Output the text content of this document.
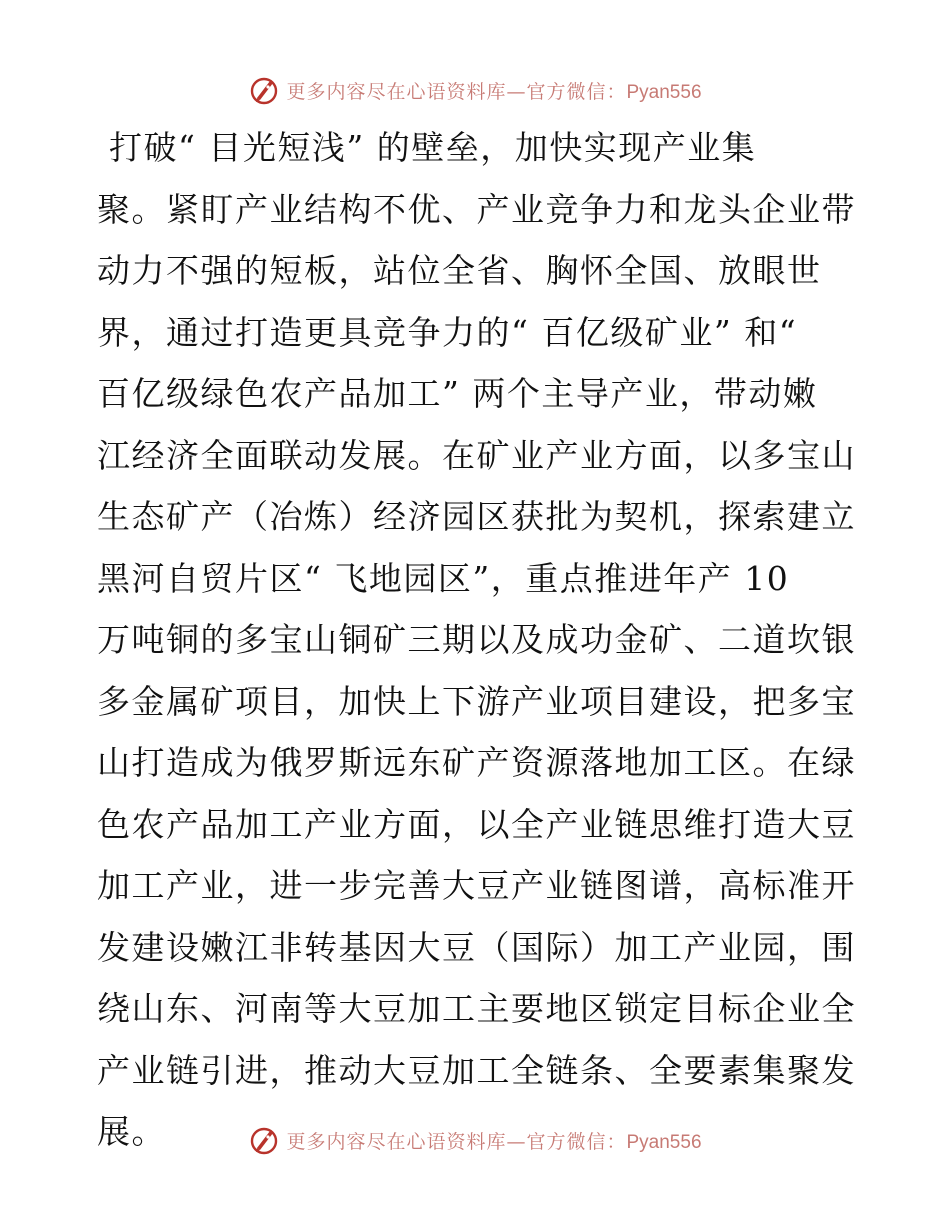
更多内容尽在心语资料库—官方微信：Pyan556
打破“ 目光短浅” 的壁垒，加快实现产业集
聚。紧盯产业结构不优、产业竞争力和龙头企业带
动力不强的短板，站位全省、胸怀全国、放眼世
界，通过打造更具竞争力的“ 百亿级矿业” 和“
百亿级绿色农产品加工” 两个主导产业，带动嫩
江经济全面联动发展。在矿业产业方面，以多宝山
生态矿产（冶炼）经济园区获批为契机，探索建立
黑河自贸片区“ 飞地园区”，重点推进年产 10
万吨铜的多宝山铜矿三期以及成功金矿、二道坎银
多金属矿项目，加快上下游产业项目建设，把多宝
山打造成为俄罗斯远东矿产资源落地加工区。在绿
色农产品加工产业方面，以全产业链思维打造大豆
加工产业，进一步完善大豆产业链图谱，高标准开
发建设嫩江非转基因大豆（国际）加工产业园，围
绕山东、河南等大豆加工主要地区锁定目标企业全
产业链引进，推动大豆加工全链条、全要素集聚发
展。	更多内容尽在心语资料库—官方微信：Pyan556
